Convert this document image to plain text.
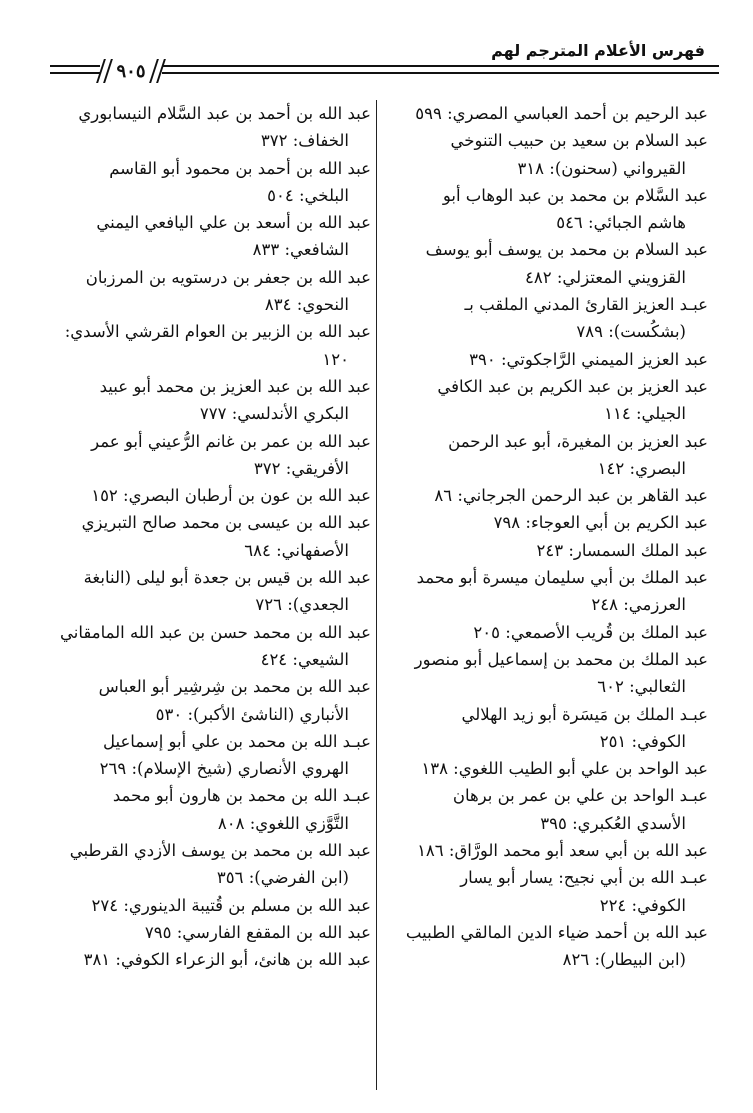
فهرس الأعلام المترجم لهم
٩٠٥
عبد الرحيم بن أحمد العباسي المصري: ٥٩٩
عبد السلام بن سعيد بن حبيب التنوخي
القيرواني (سحنون): ٣١٨
عبد السَّلام بن محمد بن عبد الوهاب أبو
هاشم الجبائي: ٥٤٦
عبد السلام بن محمد بن يوسف أبو يوسف
القزويني المعتزلي: ٤٨٢
عبـد العزيز القارئ المدني الملقب بـ
(بشكُست): ٧٨٩
عبد العزيز الميمني الرَّاجكوتي: ٣٩٠
عبد العزيز بن عبد الكريم بن عبد الكافي
الجيلي: ١١٤
عبد العزيز بن المغيرة، أبو عبد الرحمن
البصري: ١٤٢
عبد القاهر بن عبد الرحمن الجرجاني: ٨٦
عبد الكريم بن أبي العوجاء: ٧٩٨
عبد الملك السمسار: ٢٤٣
عبد الملك بن أبي سليمان ميسرة أبو محمد
العرزمي: ٢٤٨
عبد الملك بن قُريب الأصمعي: ٢٠٥
عبد الملك بن محمد بن إسماعيل أبو منصور
الثعالبي: ٦٠٢
عبـد الملك بن مَيسَرة أبو زيد الهلالي
الكوفي: ٢٥١
عبد الواحد بن علي أبو الطيب اللغوي: ١٣٨
عبـد الواحد بن علي بن عمر بن برهان
الأسدي العُكبري: ٣٩٥
عبد الله بن أبي سعد أبو محمد الورَّاق: ١٨٦
عبـد الله بن أبي نجيح: يسار أبو يسار
الكوفي: ٢٢٤
عبد الله بن أحمد ضياء الدين المالقي الطبيب
(ابن البيطار): ٨٢٦
عبد الله بن أحمد بن عبد السَّلام النيسابوري
الخفاف: ٣٧٢
عبد الله بن أحمد بن محمود أبو القاسم
البلخي: ٥٠٤
عبد الله بن أسعد بن علي اليافعي اليمني
الشافعي: ٨٣٣
عبد الله بن جعفر بن درستويه بن المرزبان
النحوي: ٨٣٤
عبد الله بن الزبير بن العوام القرشي الأسدي:
١٢٠
عبد الله بن عبد العزيز بن محمد أبو عبيد
البكري الأندلسي: ٧٧٧
عبد الله بن عمر بن غانم الرُّعيني أبو عمر
الأفريقي: ٣٧٢
عبد الله بن عون بن أرطبان البصري: ١٥٢
عبد الله بن عيسى بن محمد صالح التبريزي
الأصفهاني: ٦٨٤
عبد الله بن قيس بن جعدة أبو ليلى (النابغة
الجعدي): ٧٢٦
عبد الله بن محمد حسن بن عبد الله المامقاني
الشيعي: ٤٢٤
عبد الله بن محمد بن شِرشِير أبو العباس
الأنباري (الناشئ الأكبر): ٥٣٠
عبـد الله بن محمد بن علي أبو إسماعيل
الهروي الأنصاري (شيخ الإسلام): ٢٦٩
عبـد الله بن محمد بن هارون أبو محمد
التَّوَّزي اللغوي: ٨٠٨
عبد الله بن محمد بن يوسف الأزدي القرطبي
(ابن الفرضي): ٣٥٦
عبد الله بن مسلم بن قُتيبة الدينوري: ٢٧٤
عبد الله بن المقفع الفارسي: ٧٩٥
عبد الله بن هانئ، أبو الزعراء الكوفي: ٣٨١
